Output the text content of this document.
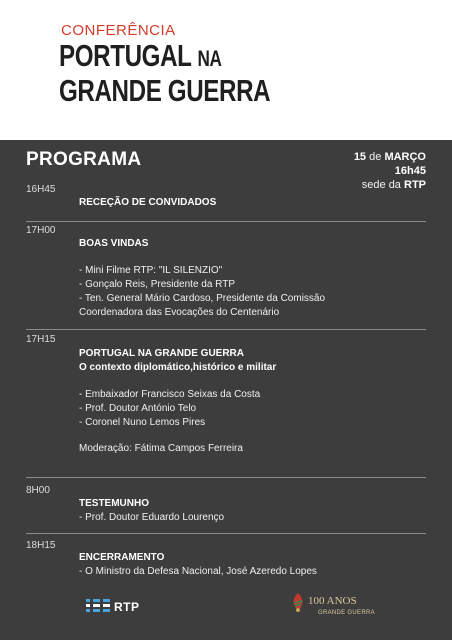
CONFERÊNCIA
PORTUGAL NA
GRANDE GUERRA
PROGRAMA	15 de MARÇO
16h45
sede da RTP
16H45
RECEÇÃO DE CONVIDADOS
17H00
BOAS VINDAS
- Mini Filme RTP: "IL SILENZIO"
- Gonçalo Reis, Presidente da RTP
- Ten. General Mário Cardoso, Presidente da Comissão
Coordenadora das Evocações do Centenário
17H15
PORTUGAL NA GRANDE GUERRA
O contexto diplomático,histórico e militar
- Embaixador Francisco Seixas da Costa
- Prof. Doutor António Telo
- Coronel Nuno Lemos Pires
Moderação: Fátima Campos Ferreira
8H00
TESTEMUNHO
- Prof. Doutor Eduardo Lourenço
18H15
ENCERRAMENTO
- O Ministro da Defesa Nacional, José Azeredo Lopes
RTP	100 ANOS
GRANDE GUERRA
